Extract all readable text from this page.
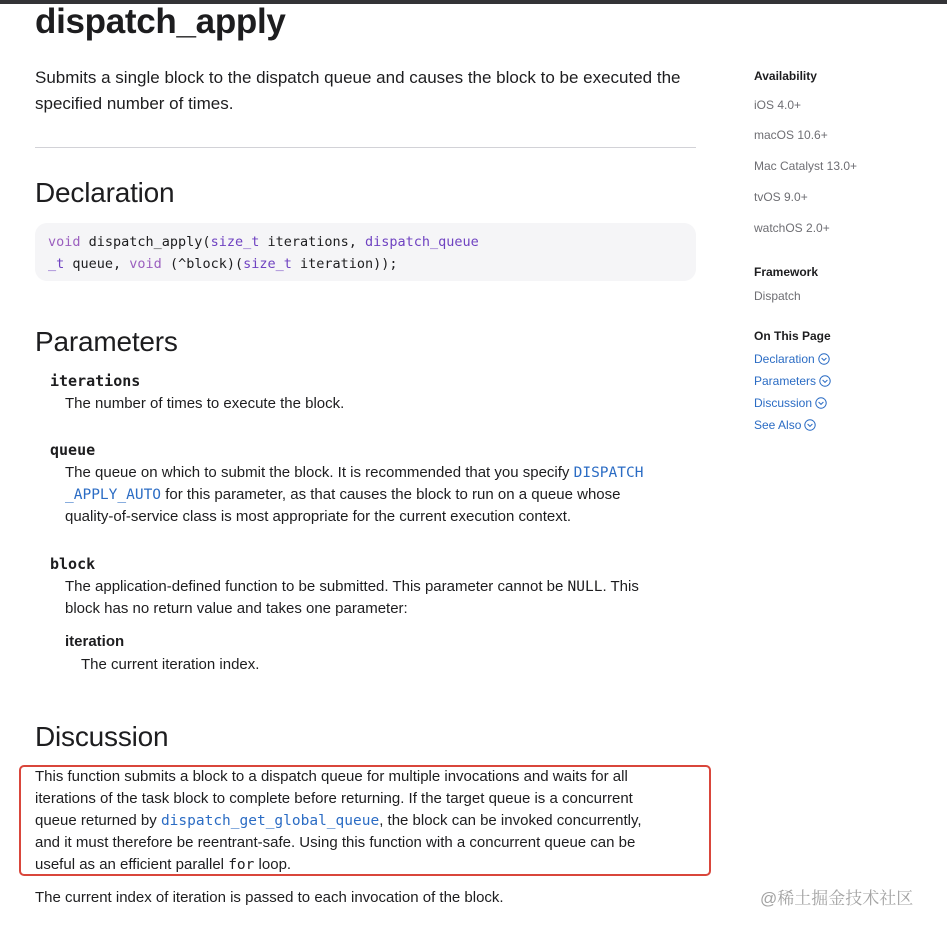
dispatch_apply

Submits a single block to the dispatch queue and causes the block to be executed the specified number of times.

Declaration
void dispatch_apply(size_t iterations, dispatch_queue
_t queue, void (^block)(size_t iteration));
Parameters

iterations

The number of times to execute the block.

queue

The queue on which to submit the block. It is recommended that you specify DISPATCH
_APPLY_AUTO for this parameter, as that causes the block to run on a queue whose
quality-of-service class is most appropriate for the current execution context.

block

The application-defined function to be submitted. This parameter cannot be NULL. This
block has no return value and takes one parameter:

iteration

The current iteration index.

Discussion
This function submits a block to a dispatch queue for multiple invocations and waits for all
iterations of the task block to complete before returning. If the target queue is a concurrent
queue returned by dispatch_get_global_queue, the block can be invoked concurrently,
and it must therefore be reentrant-safe. Using this function with a concurrent queue can be
useful as an efficient parallel for loop.

The current index of iteration is passed to each invocation of the block.

Availability

iOS 4.0+

macOS 10.6+

Mac Catalyst 13.0+

tvOS 9.0+

watchOS 2.0+

Framework

Dispatch

On This Page

Declaration
Parameters
Discussion
See Also
@稀土掘金技术社区
